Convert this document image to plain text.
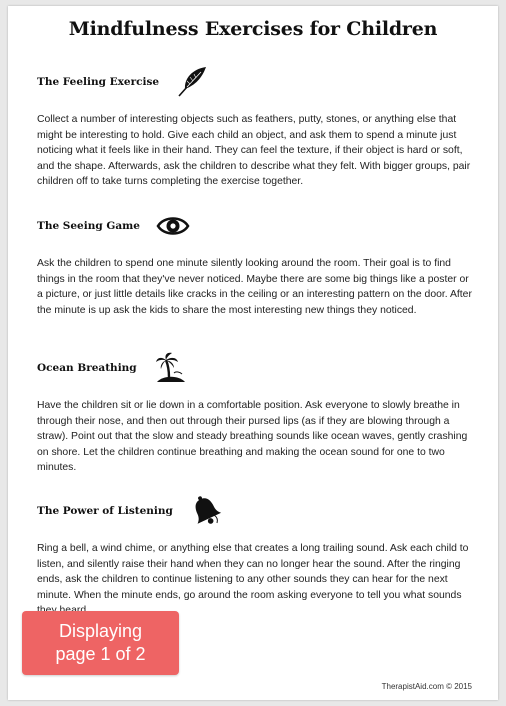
Mindfulness Exercises for Children
The Feeling Exercise
Collect a number of interesting objects such as feathers, putty, stones, or anything else that might be interesting to hold. Give each child an object, and ask them to spend a minute just noticing what it feels like in their hand. They can feel the texture, if their object is hard or soft, and the shape. Afterwards, ask the children to describe what they felt. With bigger groups, pair children off to take turns completing the exercise together.
The Seeing Game
Ask the children to spend one minute silently looking around the room. Their goal is to find things in the room that they've never noticed. Maybe there are some big things like a poster or a picture, or just little details like cracks in the ceiling or an interesting pattern on the door. After the minute is up ask the kids to share the most interesting new things they noticed.
Ocean Breathing
Have the children sit or lie down in a comfortable position. Ask everyone to slowly breathe in through their nose, and then out through their pursed lips (as if they are blowing through a straw). Point out that the slow and steady breathing sounds like ocean waves, gently crashing on shore. Let the children continue breathing and making the ocean sound for one to two minutes.
The Power of Listening
Ring a bell, a wind chime, or anything else that creates a long trailing sound. Ask each child to listen, and silently raise their hand when they can no longer hear the sound. After the ringing ends, ask the children to continue listening to any other sounds they can hear for the next minute. When the minute ends, go around the room asking everyone to tell you what sounds
TherapistAid.com © 2015
Displaying
page 1 of 2
